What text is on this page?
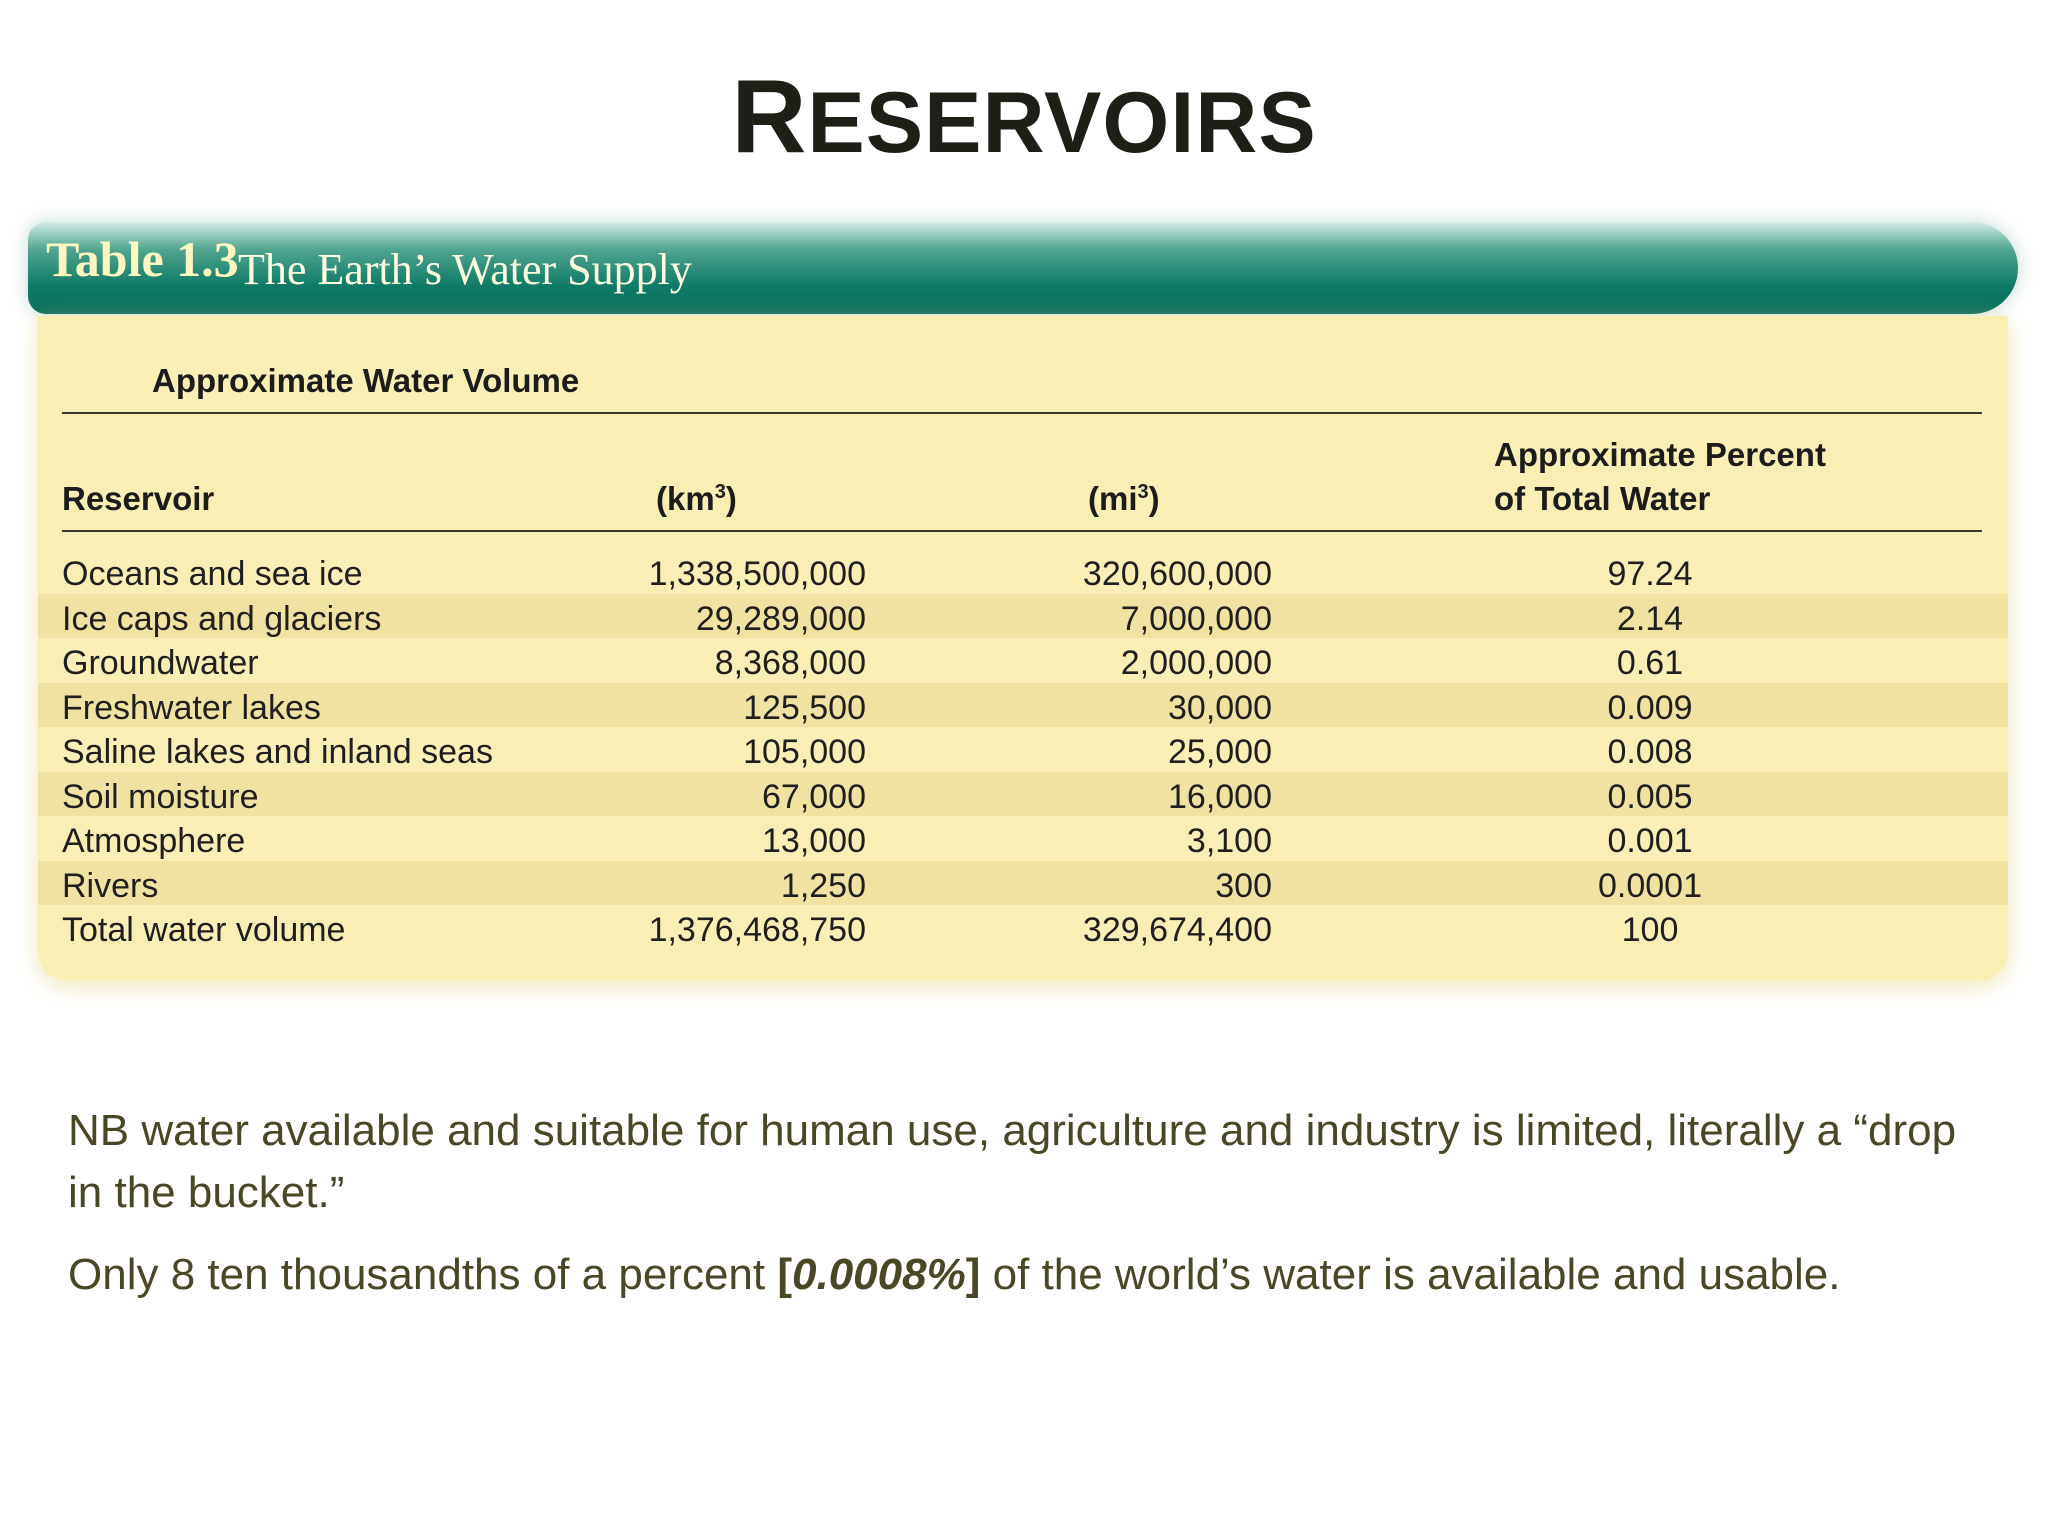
RESERVOIRS
Table 1.3 The Earth’s Water Supply
Approximate Water Volume
Reservoir	$(km^3)$	$(mi^3)$
Approximate Percent
of Total Water
Oceans and sea ice	1,338,500,000	320,600,000	97.24
Ice caps and glaciers	29,289,000	7,000,000	2.14
Groundwater	8,368,000	2,000,000	0.61
Freshwater lakes	125,500	30,000	0.009
Saline lakes and inland seas	105,000	25,000	0.008
Soil moisture	67,000	16,000	0.005
Atmosphere	13,000	3,100	0.001
Rivers	1,250	300	0.0001
Total water volume	1,376,468,750	329,674,400	100
NB water available and suitable for human use, agriculture and industry is limited, literally a “drop in the bucket.”
Only 8 ten thousandths of a percent [0.0008%] of the world’s water is available and usable.
